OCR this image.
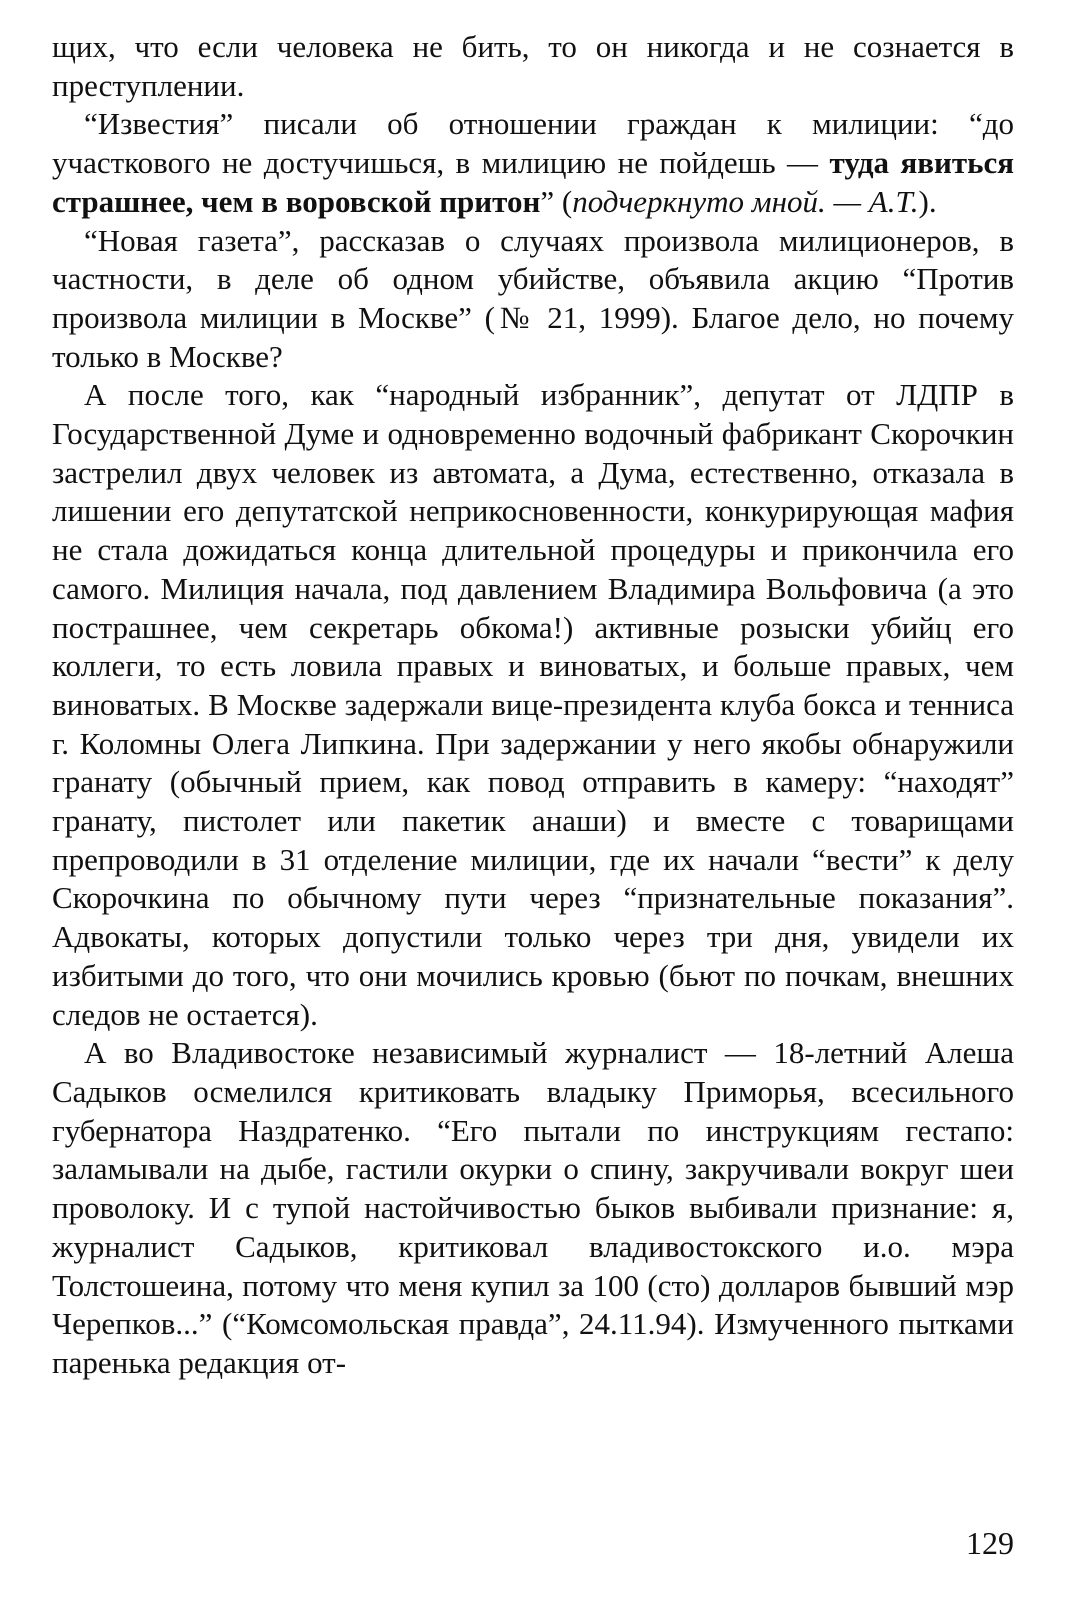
щих, что если человека не бить, то он никогда и не сознается в преступлении.

“Известия” писали об отношении граждан к милиции: “до участкового не достучишься, в милицию не пойдешь — туда явиться страшнее, чем в воровской притон” (подчеркнуто мной. — А.Т.).

“Новая газета”, рассказав о случаях произвола милиционеров, в частности, в деле об одном убийстве, объявила акцию “Против произвола милиции в Москве” (№ 21, 1999). Благое дело, но почему только в Москве?

А после того, как “народный избранник”, депутат от ЛДПР в Государственной Думе и одновременно водочный фабрикант Скорочкин застрелил двух человек из автомата, а Дума, естественно, отказала в лишении его депутатской неприкосновенности, конкурирующая мафия не стала дожидаться конца длительной процедуры и прикончила его самого. Милиция начала, под давлением Владимира Вольфовича (а это пострашнее, чем секретарь обкома!) активные розыски убийц его коллеги, то есть ловила правых и виноватых, и больше правых, чем виноватых. В Москве задержали вице-президента клуба бокса и тенниса г. Коломны Олега Липкина. При задержании у него якобы обнаружили гранату (обычный прием, как повод отправить в камеру: “находят” гранату, пистолет или пакетик анаши) и вместе с товарищами препроводили в 31 отделение милиции, где их начали “вести” к делу Скорочкина по обычному пути через “признательные показания”. Адвокаты, которых допустили только через три дня, увидели их избитыми до того, что они мочились кровью (бьют по почкам, внешних следов не остается).

А во Владивостоке независимый журналист — 18-летний Алеша Садыков осмелился критиковать владыку Приморья, всесильного губернатора Наздратенко. “Его пытали по инструкциям гестапо: заламывали на дыбе, гастили окурки о спину, закручивали вокруг шеи проволоку. И с тупой настойчивостью быков выбивали признание: я, журналист Садыков, критиковал владивостокского и.о. мэра Толстошеина, потому что меня купил за 100 (сто) долларов бывший мэр Черепков...” (“Комсомольская правда”, 24.11.94). Измученного пытками паренька редакция от-

129
